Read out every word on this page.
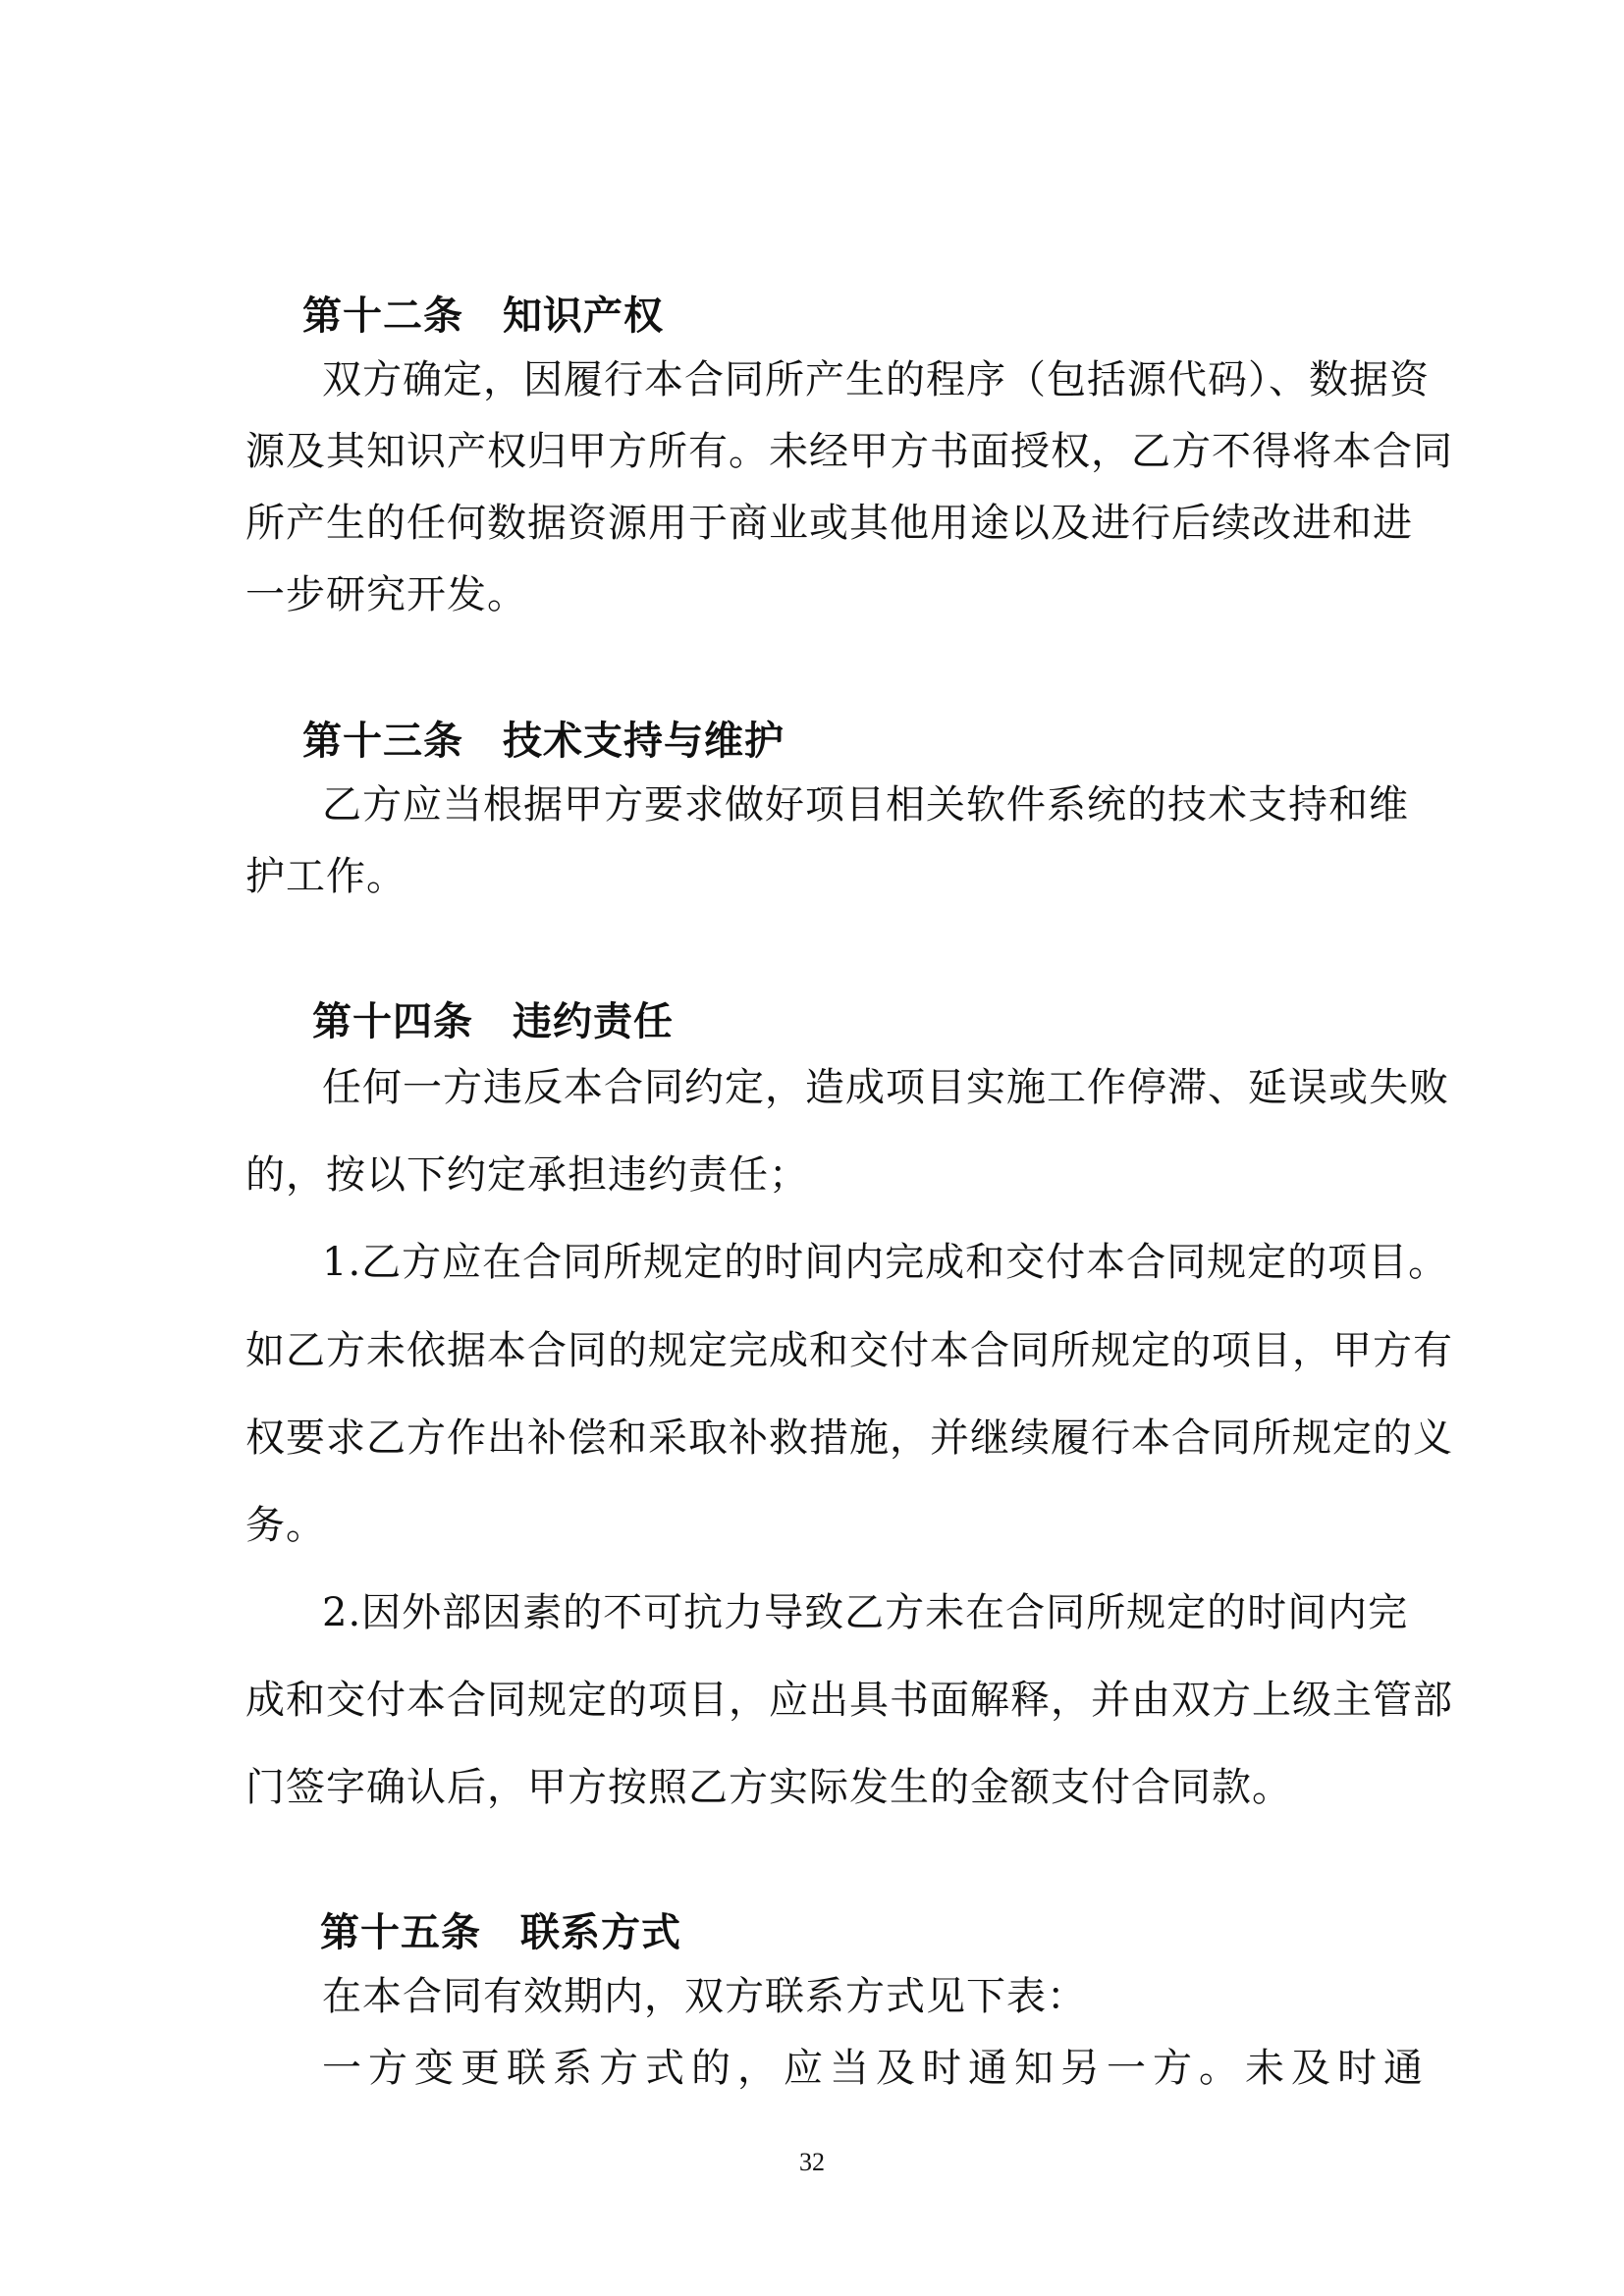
第十二条 知识产权
双方确定，因履行本合同所产生的程序（包括源代码）、数据资
源及其知识产权归甲方所有。未经甲方书面授权，乙方不得将本合同
所产生的任何数据资源用于商业或其他用途以及进行后续改进和进
一步研究开发。
第十三条 技术支持与维护
乙方应当根据甲方要求做好项目相关软件系统的技术支持和维
护工作。
第十四条 违约责任
任何一方违反本合同约定，造成项目实施工作停滞、延误或失败
的，按以下约定承担违约责任；
1.乙方应在合同所规定的时间内完成和交付本合同规定的项目。
如乙方未依据本合同的规定完成和交付本合同所规定的项目，甲方有
权要求乙方作出补偿和采取补救措施，并继续履行本合同所规定的义
务。
2.因外部因素的不可抗力导致乙方未在合同所规定的时间内完
成和交付本合同规定的项目，应出具书面解释，并由双方上级主管部
门签字确认后，甲方按照乙方实际发生的金额支付合同款。
第十五条 联系方式
在本合同有效期内，双方联系方式见下表：
一方变更联系方式的，应当及时通知另一方。未及时通
32
